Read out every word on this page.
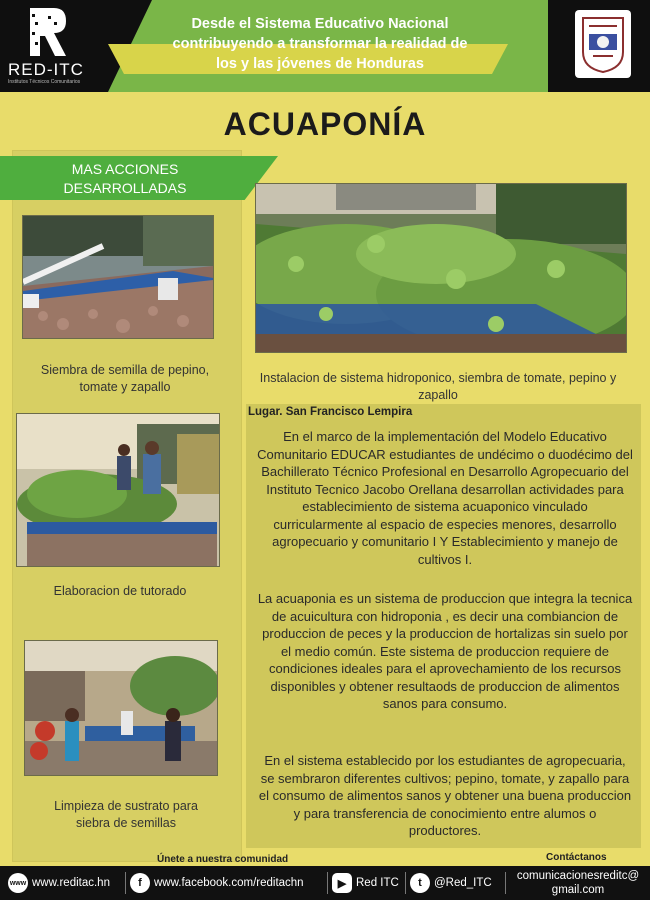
RED-ITC
Institutos Técnicos Comunitarios
Desde el Sistema Educativo Nacional
contribuyendo a transformar la realidad de
los y las jóvenes de Honduras
ACUAPONÍA
MAS ACCIONES
DESARROLLADAS
Siembra de semilla de pepino, tomate y zapallo
Elaboracion de tutorado
Limpieza de sustrato para siebra de semillas
Instalacion de sistema hidroponico, siembra de tomate, pepino y zapallo
Lugar. San Francisco Lempira
En el marco de la implementación del Modelo Educativo Comunitario EDUCAR estudiantes de undécimo o duodécimo del Bachillerato Técnico Profesional en Desarrollo Agropecuario del Instituto Tecnico Jacobo Orellana desarrollan actividades para establecimiento de sistema acuaponico vinculado curricularmente al espacio de especies menores, desarrollo agropecuario y comunitario I Y Establecimiento y manejo de cultivos I.
La acuaponia es un sistema de produccion que integra la tecnica de acuicultura con hidroponia , es decir una combiancion de produccion de peces y la produccion de hortalizas sin suelo por el medio común. Este sistema de produccion requiere de condiciones ideales para el aprovechamiento de los recursos disponibles y obtener resultaods de produccion de alimentos sanos para consumo.
En el sistema establecido por los estudiantes de agropecuaria, se sembraron diferentes cultivos; pepino, tomate, y zapallo para el consumo de alimentos sanos y obtener una buena produccion y para transferencia de conocimiento entre alumos o productores.
Únete a nuestra comunidad	Contáctanos
www www.reditac.hn	f	www.facebook.com/reditachn	▶ Red ITC	t	@Red_ITC
comunicacionesreditc@
gmail.com
